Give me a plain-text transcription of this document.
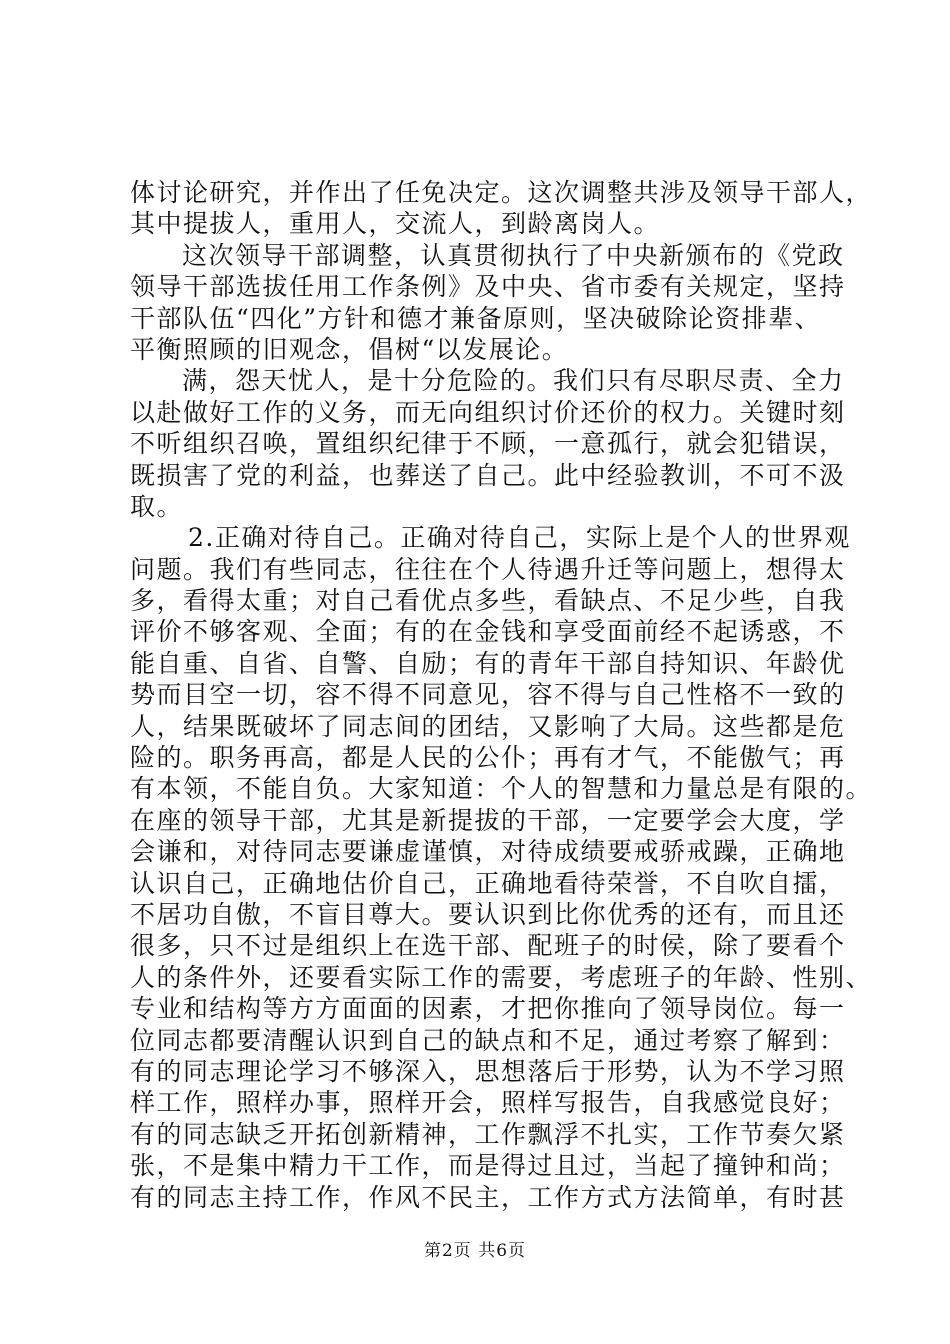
体讨论研究，并作出了任免决定。这次调整共涉及领导干部人，
其中提拔人，重用人，交流人，到龄离岗人。
这次领导干部调整，认真贯彻执行了中央新颁布的《党政
领导干部选拔任用工作条例》及中央、省市委有关规定，坚持
干部队伍“四化”方针和德才兼备原则，坚决破除论资排辈、
平衡照顾的旧观念，倡树“以发展论。
满，怨天忧人，是十分危险的。我们只有尽职尽责、全力
以赴做好工作的义务，而无向组织讨价还价的权力。关键时刻
不听组织召唤，置组织纪律于不顾，一意孤行，就会犯错误，
既损害了党的利益，也葬送了自己。此中经验教训，不可不汲
取。
2.正确对待自己。正确对待自己，实际上是个人的世界观
问题。我们有些同志，往往在个人待遇升迁等问题上，想得太
多，看得太重；对自己看优点多些，看缺点、不足少些，自我
评价不够客观、全面；有的在金钱和享受面前经不起诱惑，不
能自重、自省、自警、自励；有的青年干部自持知识、年龄优
势而目空一切，容不得不同意见，容不得与自己性格不一致的
人，结果既破坏了同志间的团结，又影响了大局。这些都是危
险的。职务再高，都是人民的公仆；再有才气，不能傲气；再
有本领，不能自负。大家知道：个人的智慧和力量总是有限的。
在座的领导干部，尤其是新提拔的干部，一定要学会大度，学
会谦和，对待同志要谦虚谨慎，对待成绩要戒骄戒躁，正确地
认识自己，正确地估价自己，正确地看待荣誉，不自吹自擂，
不居功自傲，不盲目尊大。要认识到比你优秀的还有，而且还
很多，只不过是组织上在选干部、配班子的时侯，除了要看个
人的条件外，还要看实际工作的需要，考虑班子的年龄、性别、
专业和结构等方方面面的因素，才把你推向了领导岗位。每一
位同志都要清醒认识到自己的缺点和不足，通过考察了解到：
有的同志理论学习不够深入，思想落后于形势，认为不学习照
样工作，照样办事，照样开会，照样写报告，自我感觉良好；
有的同志缺乏开拓创新精神，工作飘浮不扎实，工作节奏欠紧
张，不是集中精力干工作，而是得过且过，当起了撞钟和尚；
有的同志主持工作，作风不民主，工作方式方法简单，有时甚
第2页 共6页
